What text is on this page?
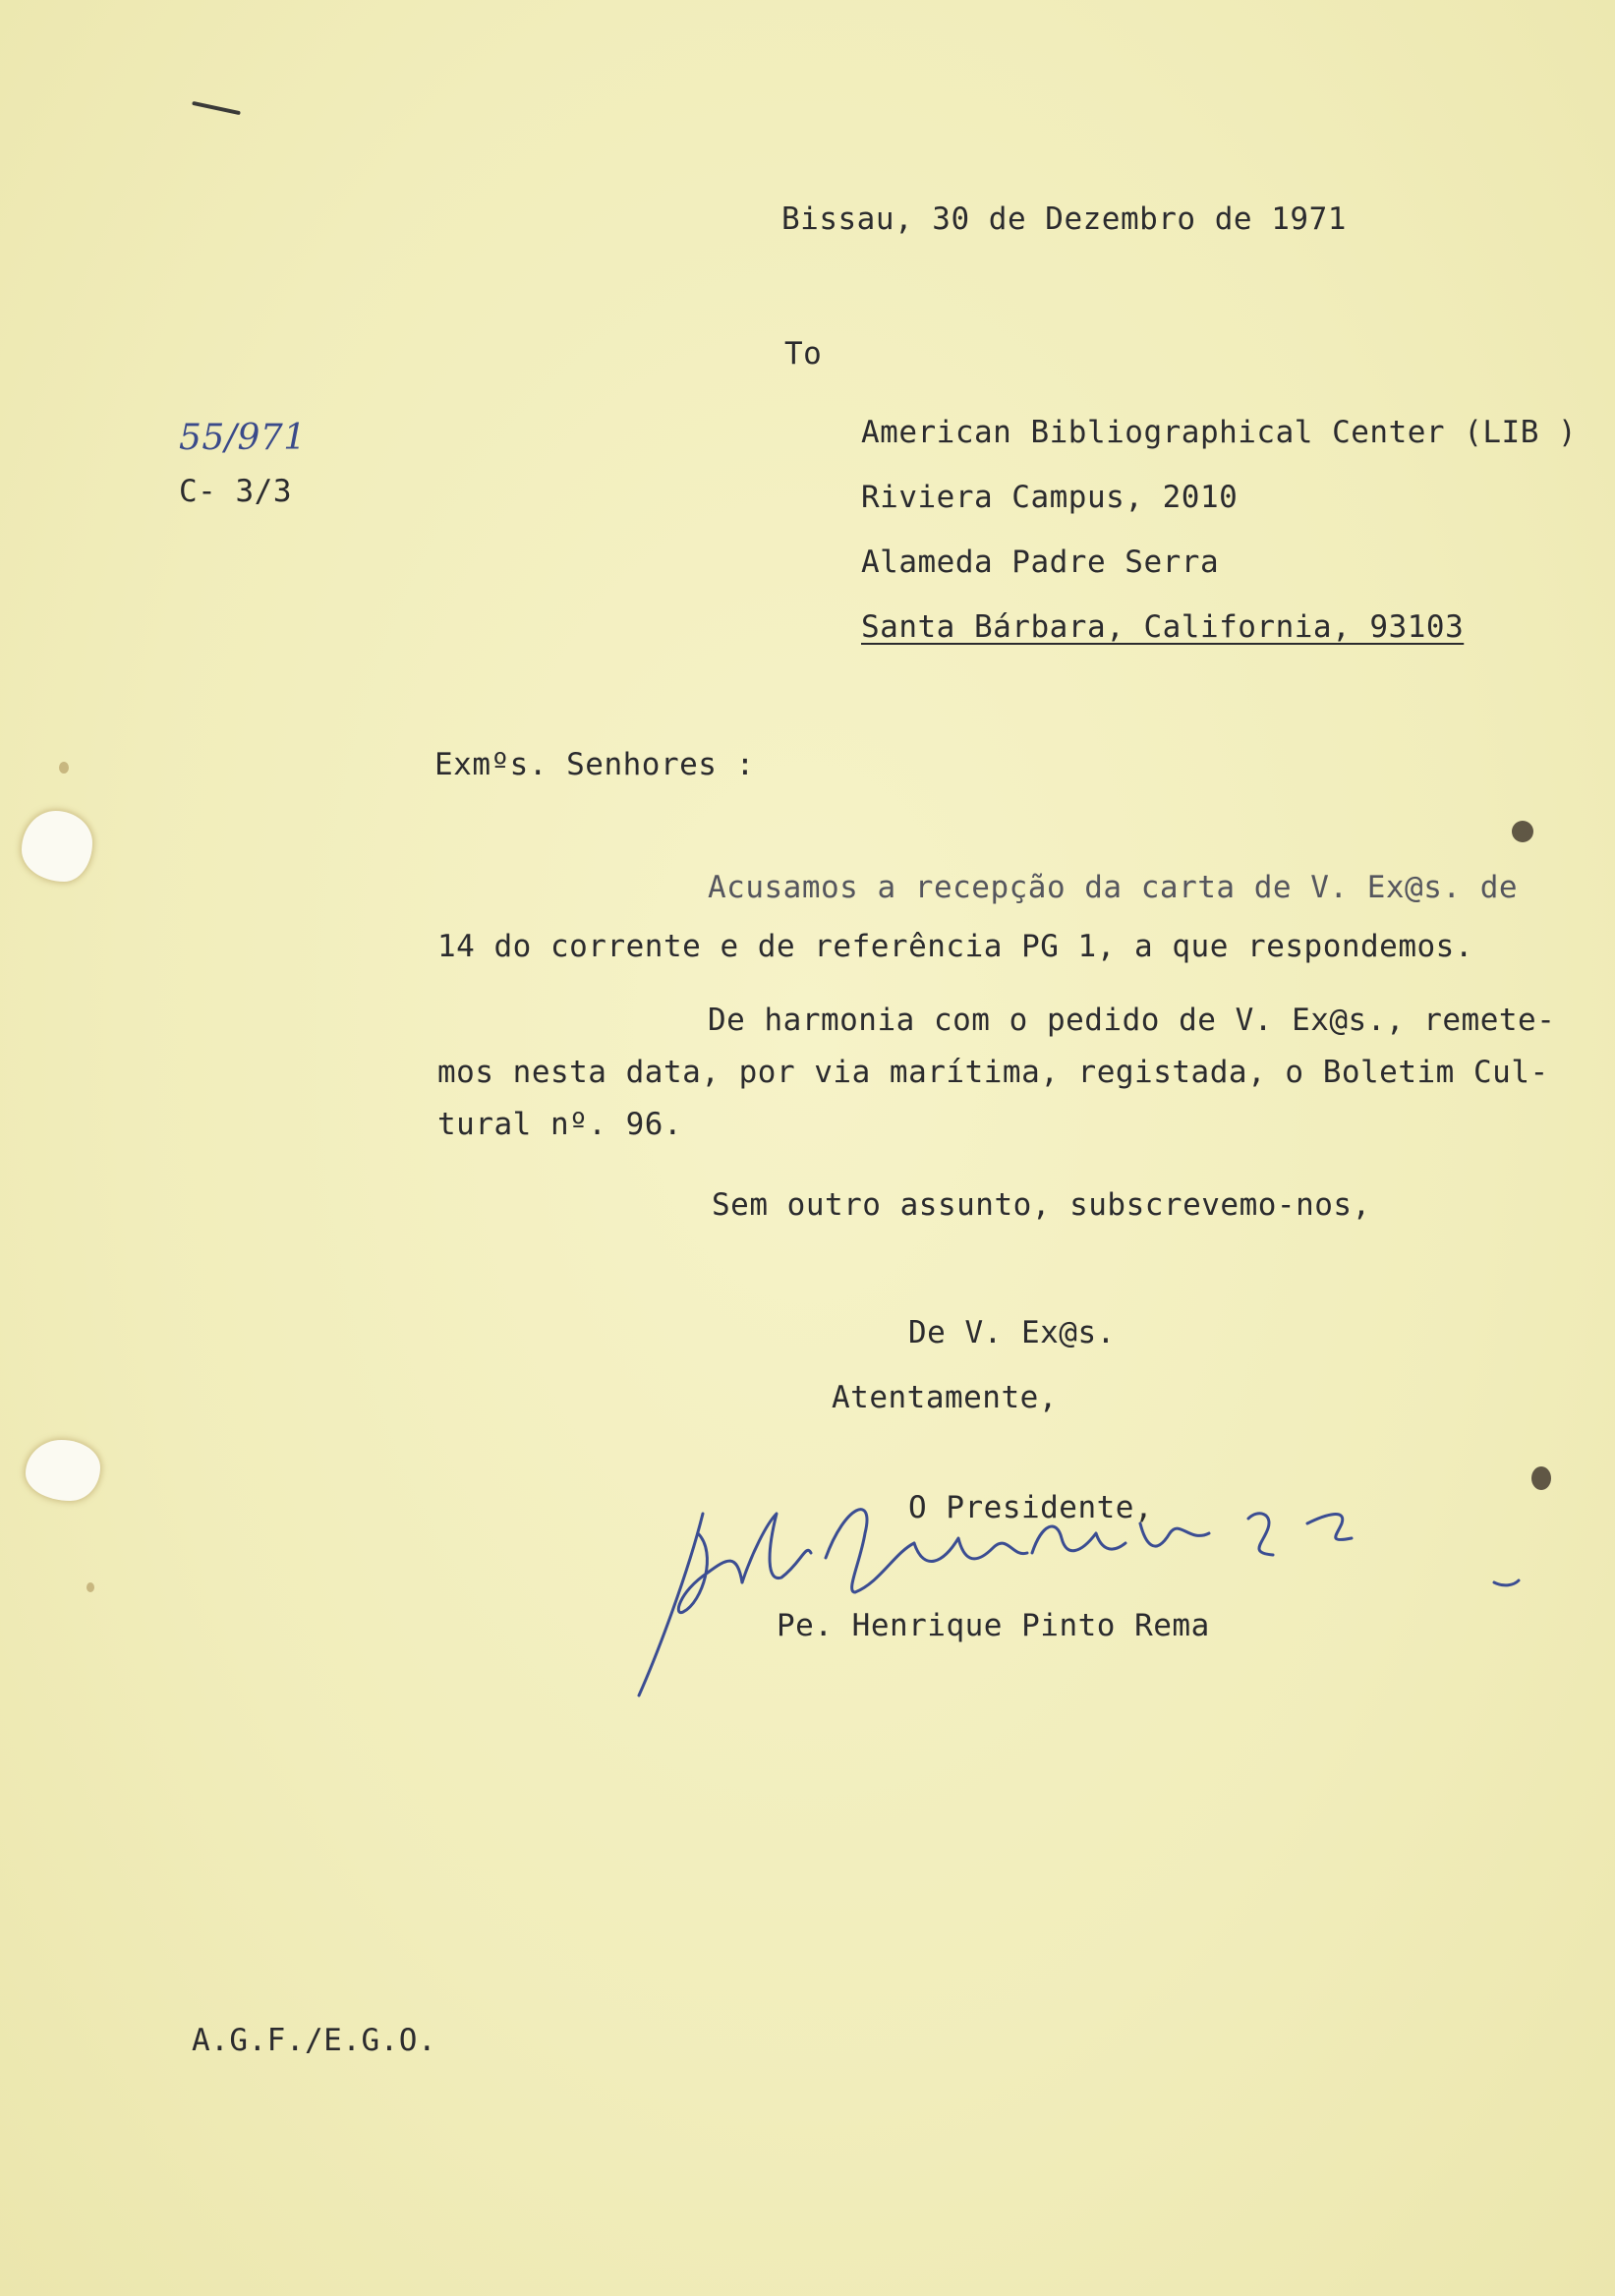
Bissau, 30 de Dezembro de 1971

To

55/971
C- 3/3

American Bibliographical Center (LIB )

Riviera Campus, 2010

Alameda Padre Serra

Santa Bárbara, California, 93103

Exmºs. Senhores :

Acusamos a recepção da carta de V. Ex@s. de

14 do corrente e de referência PG 1, a que respondemos.

De harmonia com o pedido de V. Ex@s., remete-

mos nesta data, por via marítima, registada, o Boletim Cul-

tural nº. 96.

Sem outro assunto, subscrevemo-nos,

De V. Ex@s.

Atentamente,

O Presidente,

Pe. Henrique Pinto Rema

A.G.F./E.G.O.
